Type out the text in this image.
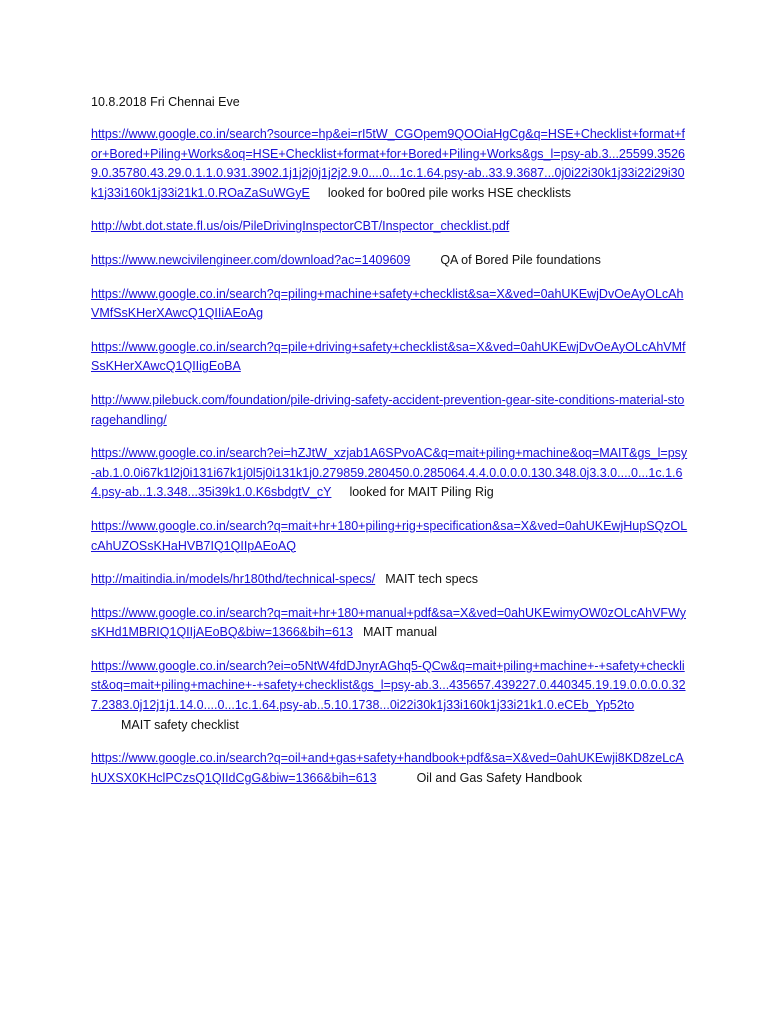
10.8.2018 Fri Chennai Eve
https://www.google.co.in/search?source=hp&ei=rI5tW_CGOpem9QOOiaHgCg&q=HSE+Checklist+format+for+Bored+Piling+Works&oq=HSE+Checklist+format+for+Bored+Piling+Works&gs_l=psy-ab.3...25599.35269.0.35780.43.29.0.1.1.0.931.3902.1j1j2j0j1j2j2.9.0....0...1c.1.64.psy-ab..33.9.3687...0j0i22i30k1j33i22i29i30k1j33i160k1j33i21k1.0.ROaZaSuWGyE looked for bo0red pile works HSE checklists
http://wbt.dot.state.fl.us/ois/PileDrivingInspectorCBT/Inspector_checklist.pdf
https://www.newcivilengineer.com/download?ac=1409609 QA of Bored Pile foundations
https://www.google.co.in/search?q=piling+machine+safety+checklist&sa=X&ved=0ahUKEwjDvOeAyOLcAhVMfSsKHerXAwcQ1QIIiAEoAg
https://www.google.co.in/search?q=pile+driving+safety+checklist&sa=X&ved=0ahUKEwjDvOeAyOLcAhVMfSsKHerXAwcQ1QIIigEoBA
http://www.pilebuck.com/foundation/pile-driving-safety-accident-prevention-gear-site-conditions-material-storagehandling/
https://www.google.co.in/search?ei=hZJtW_xzjab1A6SPvoAC&q=mait+piling+machine&oq=MAIT&gs_l=psy-ab.1.0.0i67k1l2j0i131i67k1j0l5j0i131k1j0.279859.280450.0.285064.4.4.0.0.0.0.130.348.0j3.3.0....0...1c.1.64.psy-ab..1.3.348...35i39k1.0.K6sbdgtV_cY looked for MAIT Piling Rig
https://www.google.co.in/search?q=mait+hr+180+piling+rig+specification&sa=X&ved=0ahUKEwjHupSQzOLcAhUZOSsKHaHVB7IQ1QIIpAEoAQ
http://maitindia.in/models/hr180thd/technical-specs/ MAIT tech specs
https://www.google.co.in/search?q=mait+hr+180+manual+pdf&sa=X&ved=0ahUKEwimyOW0zOLcAhVFWysKHd1MBRIQ1QIIjAEoBQ&biw=1366&bih=613 MAIT manual
https://www.google.co.in/search?ei=o5NtW4fdDJnyrAGhq5-QCw&q=mait+piling+machine+-+safety+checklist&oq=mait+piling+machine+-+safety+checklist&gs_l=psy-ab.3...435657.439227.0.440345.19.19.0.0.0.0.327.2383.0j12j1j1.14.0....0...1c.1.64.psy-ab..5.10.1738...0i22i30k1j33i160k1j33i21k1.0.eCEb_Yp52toMAIT safety checklist
https://www.google.co.in/search?q=oil+and+gas+safety+handbook+pdf&sa=X&ved=0ahUKEwji8KD8zeLcAhUXSX0KHclPCzsQ1QIIdCgG&biw=1366&bih=613	Oil and Gas Safety Handbook
